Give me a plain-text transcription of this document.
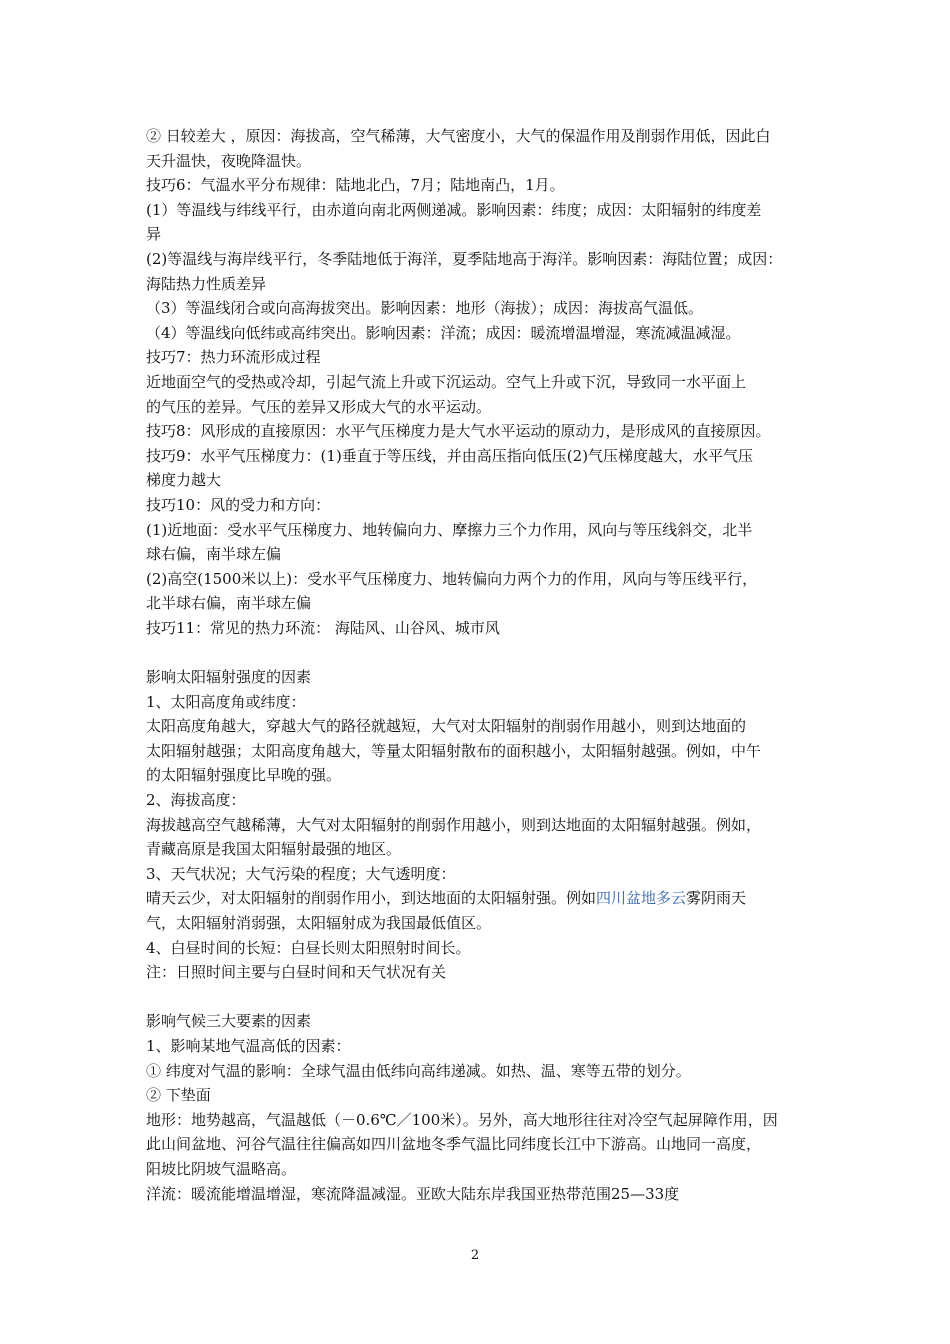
② 日较差大 ，原因：海拔高，空气稀薄，大气密度小，大气的保温作用及削弱作用低，因此白
天升温快，夜晚降温快。
技巧6：气温水平分布规律：陆地北凸，7月；陆地南凸，1月。
(1）等温线与纬线平行，由赤道向南北两侧递减。影响因素：纬度；成因：太阳辐射的纬度差
异
(2)等温线与海岸线平行，冬季陆地低于海洋，夏季陆地高于海洋。影响因素：海陆位置；成因：
海陆热力性质差异
（3）等温线闭合或向高海拔突出。影响因素：地形（海拔）；成因：海拔高气温低。
（4）等温线向低纬或高纬突出。影响因素：洋流；成因：暖流增温增湿，寒流减温减湿。
技巧7：热力环流形成过程
近地面空气的受热或冷却，引起气流上升或下沉运动。空气上升或下沉，导致同一水平面上
的气压的差异。气压的差异又形成大气的水平运动。
技巧8：风形成的直接原因：水平气压梯度力是大气水平运动的原动力，是形成风的直接原因。
技巧9：水平气压梯度力：(1)垂直于等压线，并由高压指向低压(2)气压梯度越大，水平气压
梯度力越大
技巧10：风的受力和方向：
(1)近地面：受水平气压梯度力、地转偏向力、摩擦力三个力作用，风向与等压线斜交，北半
球右偏，南半球左偏
(2)高空(1500米以上)：受水平气压梯度力、地转偏向力两个力的作用，风向与等压线平行，
北半球右偏，南半球左偏
技巧11：常见的热力环流： 海陆风、山谷风、城市风
影响太阳辐射强度的因素
1、太阳高度角或纬度：
太阳高度角越大，穿越大气的路径就越短，大气对太阳辐射的削弱作用越小，则到达地面的
太阳辐射越强；太阳高度角越大，等量太阳辐射散布的面积越小，太阳辐射越强。例如，中午
的太阳辐射强度比早晚的强。
2、海拔高度：
海拔越高空气越稀薄，大气对太阳辐射的削弱作用越小，则到达地面的太阳辐射越强。例如，
青藏高原是我国太阳辐射最强的地区。
3、天气状况；大气污染的程度；大气透明度：
晴天云少，对太阳辐射的削弱作用小，到达地面的太阳辐射强。例如四川盆地多云雾阴雨天
气，太阳辐射消弱强，太阳辐射成为我国最低值区。
4、白昼时间的长短：白昼长则太阳照射时间长。
注：日照时间主要与白昼时间和天气状况有关
影响气候三大要素的因素
1、影响某地气温高低的因素：
① 纬度对气温的影响：全球气温由低纬向高纬递减。如热、温、寒等五带的划分。
② 下垫面
地形：地势越高，气温越低（－0.6℃／100米）。另外，高大地形往往对冷空气起屏障作用，因
此山间盆地、河谷气温往往偏高如四川盆地冬季气温比同纬度长江中下游高。山地同一高度，
阳坡比阴坡气温略高。
洋流：暖流能增温增湿，寒流降温减湿。亚欧大陆东岸我国亚热带范围25—33度
2
